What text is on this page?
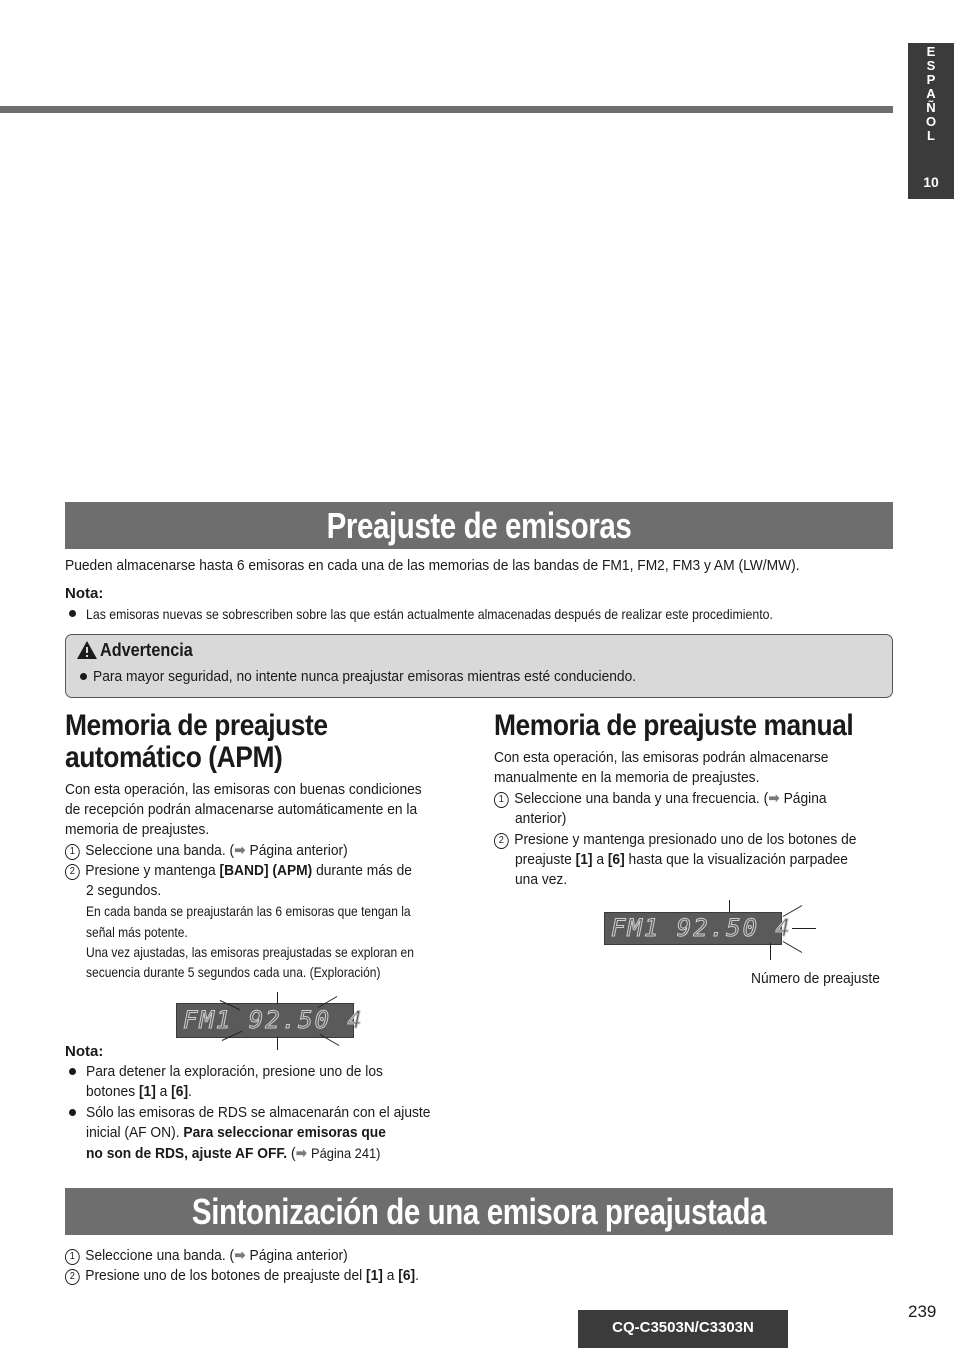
E
S
P
A
Ñ
O
L
10
Preajuste de emisoras
Pueden almacenarse hasta 6 emisoras en cada una de las memorias de las bandas de FM1, FM2, FM3 y AM (LW/MW).
Nota:
Las emisoras nuevas se sobrescriben sobre las que están actualmente almacenadas después de realizar este procedimiento.
Advertencia
Para mayor seguridad, no intente nunca preajustar emisoras mientras esté conduciendo.
Memoria de preajuste
automático (APM)
Con esta operación, las emisoras con buenas condiciones
de recepción podrán almacenarse automáticamente en la
memoria de preajustes.
1 Seleccione una banda. (➡ Página anterior)
2 Presione y mantenga [BAND] (APM) durante más de
2 segundos.
En cada banda se preajustarán las 6 emisoras que tengan la
señal más potente.
Una vez ajustadas, las emisoras preajustadas se exploran en
secuencia durante 5 segundos cada una. (Exploración)
FM1 92.50 4
Nota:
Para detener la exploración, presione uno de los
botones [1] a [6].
Sólo las emisoras de RDS se almacenarán con el ajuste
inicial (AF ON). Para seleccionar emisoras que
no son de RDS, ajuste AF OFF. (➡ Página 241)
Memoria de preajuste manual
Con esta operación, las emisoras podrán almacenarse
manualmente en la memoria de preajustes.
1 Seleccione una banda y una frecuencia. (➡ Página
anterior)
2 Presione y mantenga presionado uno de los botones de
preajuste [1] a [6] hasta que la visualización parpadee
una vez.
FM1 92.50 4
Número de preajuste
Sintonización de una emisora preajustada
1 Seleccione una banda. (➡ Página anterior)
2 Presione uno de los botones de preajuste del [1] a [6].
239
CQ-C3503N/C3303N
